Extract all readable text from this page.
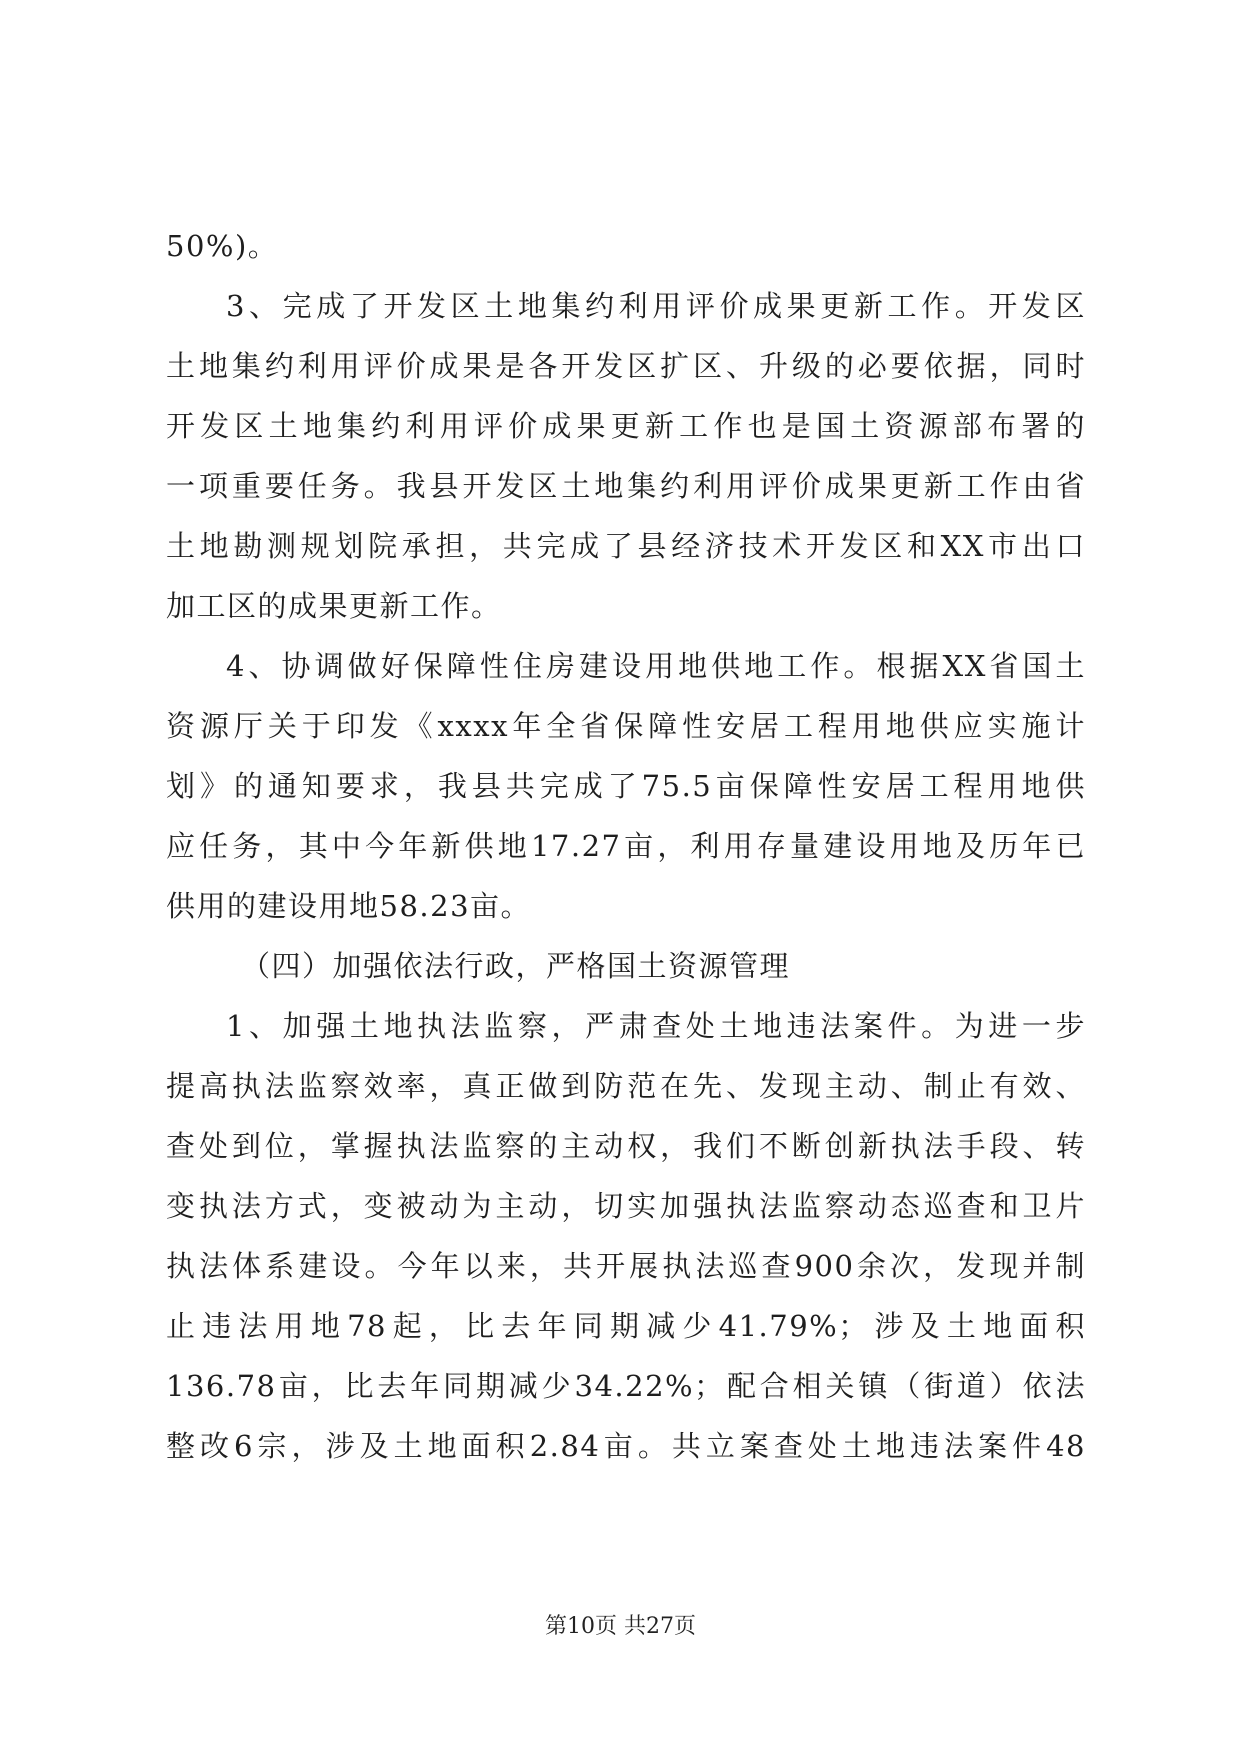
50%)。
3、完成了开发区土地集约利用评价成果更新工作。开发区
土地集约利用评价成果是各开发区扩区、升级的必要依据，同时
开发区土地集约利用评价成果更新工作也是国土资源部布署的
一项重要任务。我县开发区土地集约利用评价成果更新工作由省
土地勘测规划院承担，共完成了县经济技术开发区和XX市出口
加工区的成果更新工作。
4、协调做好保障性住房建设用地供地工作。根据XX省国土
资源厅关于印发《xxxx年全省保障性安居工程用地供应实施计
划》的通知要求，我县共完成了75.5亩保障性安居工程用地供
应任务，其中今年新供地17.27亩，利用存量建设用地及历年已
供用的建设用地58.23亩。
（四）加强依法行政，严格国土资源管理
1、加强土地执法监察，严肃查处土地违法案件。为进一步
提高执法监察效率，真正做到防范在先、发现主动、制止有效、
查处到位，掌握执法监察的主动权，我们不断创新执法手段、转
变执法方式，变被动为主动，切实加强执法监察动态巡查和卫片
执法体系建设。今年以来，共开展执法巡查900余次，发现并制
止违法用地78起，比去年同期减少41.79%；涉及土地面积
136.78亩，比去年同期减少34.22%；配合相关镇（街道）依法
整改6宗，涉及土地面积2.84亩。共立案查处土地违法案件48
第10页 共27页
